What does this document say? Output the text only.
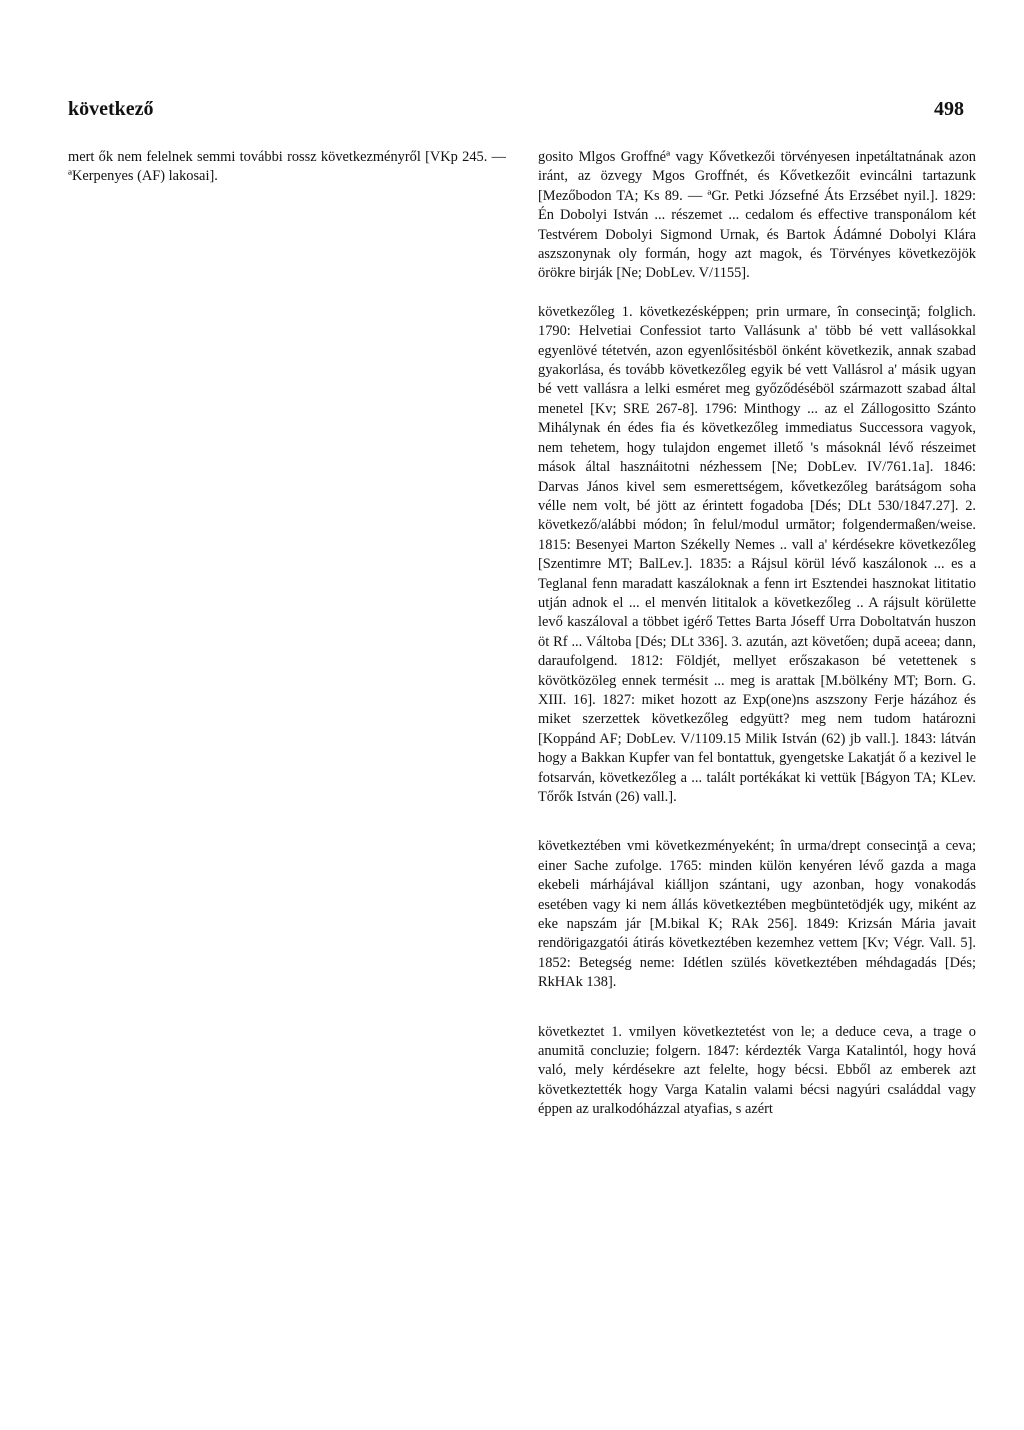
következő	498

mert ők nem felelnek semmi további rossz következményről [VKp 245. — ªKerpenyes (AF) lakosai].

gosito Mlgos Groffnéª vagy Kővetkezői törvényesen inpetáltatnának azon iránt, az özvegy Mgos Groffnét, és Kővetkezőit evincálni tartazunk [Mezőbodon TA; Ks 89. — ªGr. Petki Józsefné Áts Erzsébet nyil.]. 1829: Én Dobolyi István ... részemet ... cedalom és effective transponálom két Testvérem Dobolyi Sigmond Urnak, és Bartok Ádámné Dobolyi Klára aszszonynak oly formán, hogy azt magok, és Törvényes következöjök örökre birják [Ne; DobLev. V/1155].

következőleg 1. következésképpen; prin urmare, în consecinţă; folglich. 1790: Helvetiai Confessiot tarto Vallásunk a' több bé vett vallásokkal egyenlövé tétetvén, azon egyenlősitésböl önként következik, annak szabad gyakorlása, és tovább következőleg egyik bé vett Vallásrol a' másik ugyan bé vett vallásra a lelki esméret meg győződéséböl származott szabad által menetel [Kv; SRE 267-8]. 1796: Minthogy ... az el Zállogositto Szánto Mihálynak én édes fia és következőleg immediatus Successora vagyok, nem tehetem, hogy tulajdon engemet illető 's másoknál lévő részeimet mások által hasznáitotni nézhessem [Ne; DobLev. IV/761.1a]. 1846: Darvas János kivel sem esmerettségem, kővetkezőleg barátságom soha vélle nem volt, bé jött az érintett fogadoba [Dés; DLt 530/1847.27]. 2. következő/alábbi módon; în felul/modul următor; folgendermaßen/weise. 1815: Besenyei Marton Székelly Nemes .. vall a' kérdésekre következőleg [Szentimre MT; BalLev.]. 1835: a Rájsul körül lévő kaszálonok ... es a Teglanal fenn maradatt kaszáloknak a fenn irt Esztendei hasznokat lititatio utján adnok el ... el menvén lititalok a következőleg .. A rájsult körülette levő kaszáloval a többet igérő Tettes Barta Jóseff Urra Doboltatván huszon öt Rf ... Váltoba [Dés; DLt 336]. 3. azután, azt követően; după aceea; dann, daraufolgend. 1812: Földjét, mellyet erőszakason bé vetettenek s kövötközöleg ennek termésit ... meg is arattak [M.bölkény MT; Born. G. XIII. 16]. 1827: miket hozott az Exp(one)ns aszszony Ferje házához és miket szerzettek következőleg edgyütt? meg nem tudom határozni [Koppánd AF; DobLev. V/1109.15 Milik István (62) jb vall.]. 1843: látván hogy a Bakkan Kupfer van fel bontattuk, gyengetske Lakatját ő a kezivel le fotsarván, következőleg a ... talált portékákat ki vettük [Bágyon TA; KLev. Tőrők István (26) vall.].

következtében vmi következményeként; în urma/drept consecinţă a ceva; einer Sache zufolge. 1765: minden külön kenyéren lévő gazda a maga ekebeli márhájával kiálljon szántani, ugy azonban, hogy vonakodás esetében vagy ki nem állás következtében megbüntetödjék ugy, miként az eke napszám jár [M.bikal K; RAk 256]. 1849: Krizsán Mária javait rendörigazgatói átirás következtében kezemhez vettem [Kv; Végr. Vall. 5]. 1852: Betegség neme: Idétlen szülés következtében méhdagadás [Dés; RkHAk 138].

következtet 1. vmilyen következtetést von le; a deduce ceva, a trage o anumită concluzie; folgern. 1847: kérdezték Varga Katalintól, hogy hová való, mely kérdésekre azt felelte, hogy bécsi. Ebből az emberek azt következtették hogy Varga Katalin valami bécsi nagyúri családdal vagy éppen az uralkodóházzal atyafias, s azért
